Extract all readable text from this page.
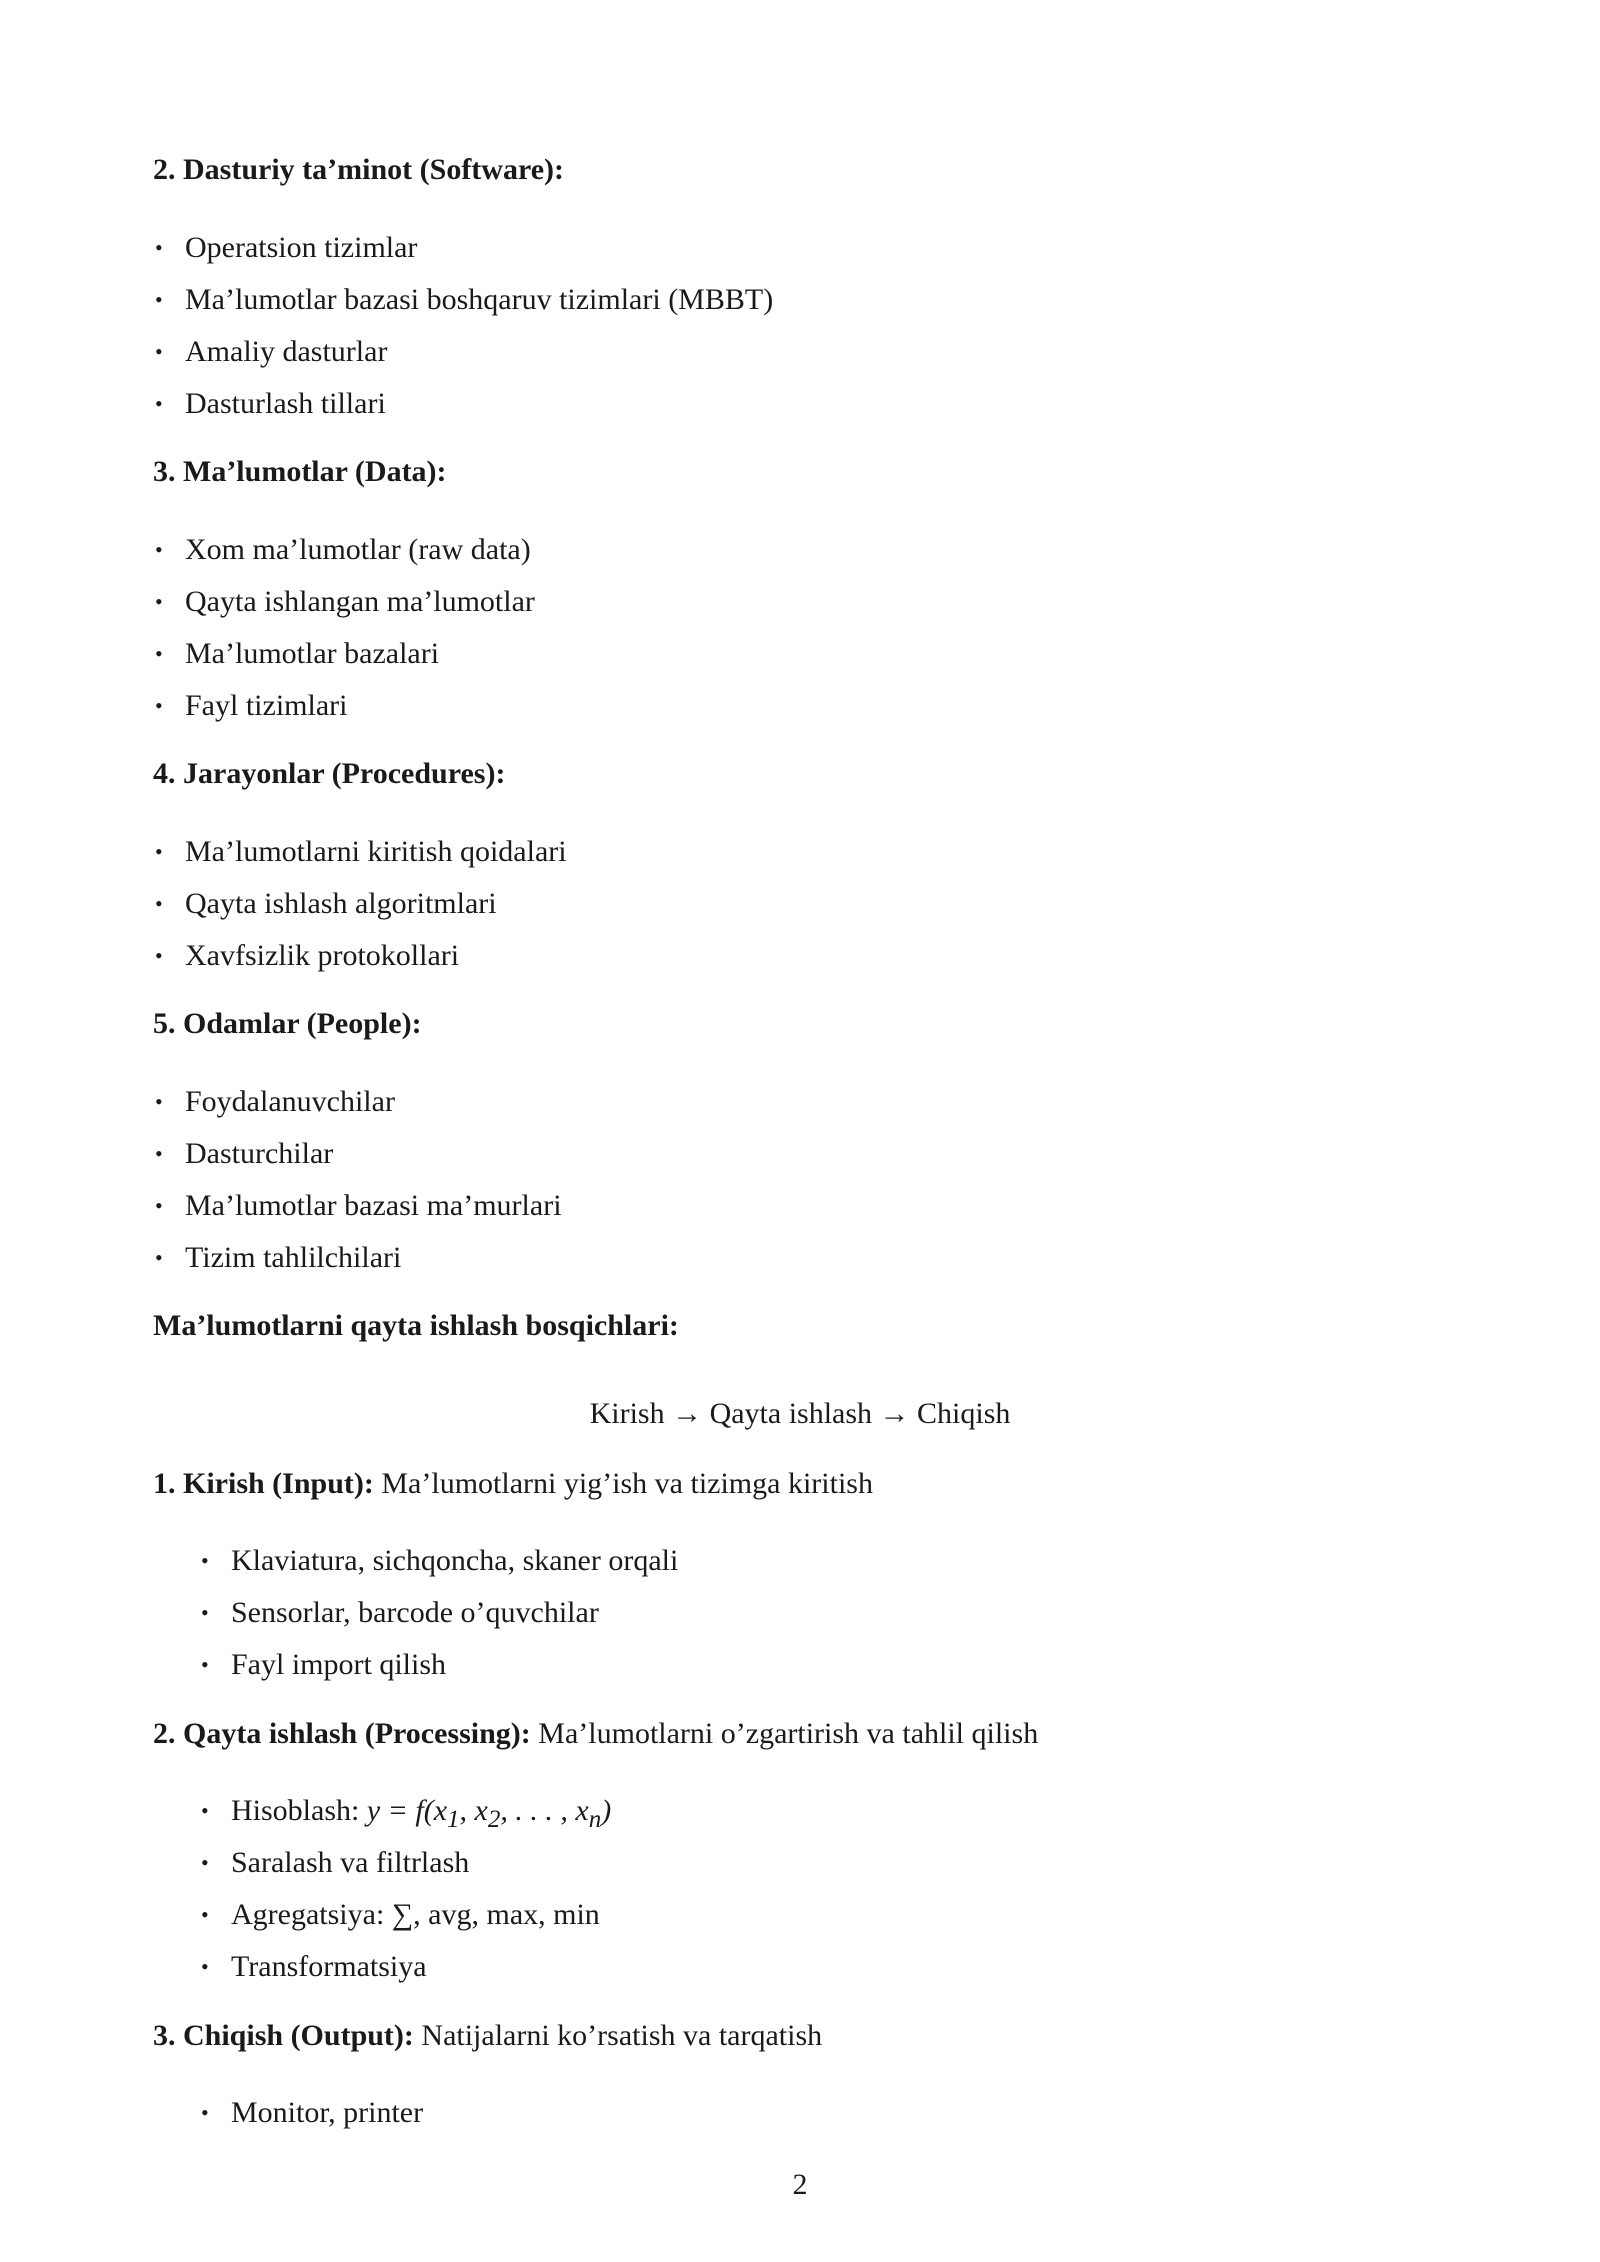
2. Dasturiy ta’minot (Software):
• Operatsion tizimlar
• Ma’lumotlar bazasi boshqaruv tizimlari (MBBT)
• Amaliy dasturlar
• Dasturlash tillari
3. Ma’lumotlar (Data):
• Xom ma’lumotlar (raw data)
• Qayta ishlangan ma’lumotlar
• Ma’lumotlar bazalari
• Fayl tizimlari
4. Jarayonlar (Procedures):
• Ma’lumotlarni kiritish qoidalari
• Qayta ishlash algoritmlari
• Xavfsizlik protokollari
5. Odamlar (People):
• Foydalanuvchilar
• Dasturchilar
• Ma’lumotlar bazasi ma’murlari
• Tizim tahlilchilari
Ma’lumotlarni qayta ishlash bosqichlari:
Kirish → Qayta ishlash → Chiqish
1. Kirish (Input): Ma’lumotlarni yig’ish va tizimga kiritish
• Klaviatura, sichqoncha, skaner orqali
• Sensorlar, barcode o’quvchilar
• Fayl import qilish
2. Qayta ishlash (Processing): Ma’lumotlarni o’zgartirish va tahlil qilish
• Hisoblash: $y = f(x_1$, $x_2$, . . . , $x_n$)
• Saralash va filtrlash
• Agregatsiya: ∑, avg, max, min
• Transformatsiya
3. Chiqish (Output): Natijalarni ko’rsatish va tarqatish
• Monitor, printer
2
